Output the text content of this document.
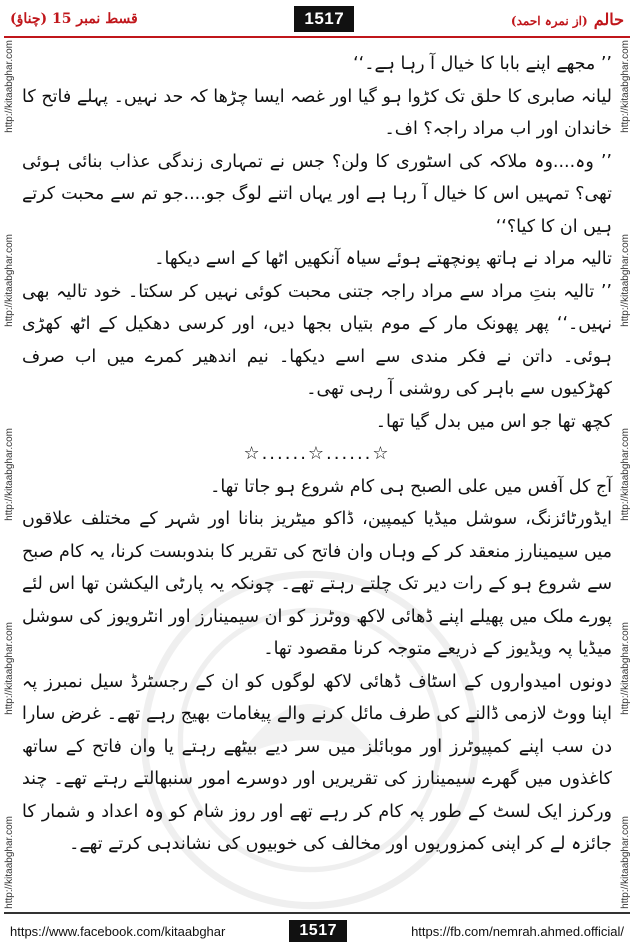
قسط نمبر 15 (چناؤ)	1517	حالم
(از نمرہ احمد)
http://kitaabghar.com
http://kitaabghar.com
http://kitaabghar.com
http://kitaabghar.com
http://kitaabghar.com
http://kitaabghar.com
http://kitaabghar.com
http://kitaabghar.com
http://kitaabghar.com
http://kitaabghar.com

’’ مجھے اپنے بابا کا خیال آ رہا ہے۔‘‘

لیانہ صابری کا حلق تک کڑوا ہو گیا اور غصہ ایسا چڑھا کہ حد نہیں۔ پہلے فاتح کا خاندان اور اب مراد راجہ؟ اف۔

’’ وہ....وہ ملاکہ کی اسٹوری کا ولن؟ جس نے تمہاری زندگی عذاب بنائی ہوئی تھی؟ تمہیں اس کا خیال آ رہا ہے اور یہاں اتنے لوگ جو....جو تم سے محبت کرتے ہیں ان کا کیا؟‘‘

تالیہ مراد نے ہاتھ پونچھتے ہوئے سیاہ آنکھیں اٹھا کے اسے دیکھا۔

’’ تالیہ بنتِ مراد سے مراد راجہ جتنی محبت کوئی نہیں کر سکتا۔ خود تالیہ بھی نہیں۔‘‘ پھر پھونک مار کے موم بتیاں بجھا دیں، اور کرسی دھکیل کے اٹھ کھڑی ہوئی۔ داتن نے فکر مندی سے اسے دیکھا۔ نیم اندھیر کمرے میں اب صرف کھڑکیوں سے باہر کی روشنی آ رہی تھی۔

کچھ تھا جو اس میں بدل گیا تھا۔

☆......☆......☆

آج کل آفس میں علی الصبح ہی کام شروع ہو جاتا تھا۔

ایڈورٹائزنگ، سوشل میڈیا کیمپین، ڈاکو میٹریز بنانا اور شہر کے مختلف علاقوں میں سیمینارز منعقد کر کے وہاں وان فاتح کی تقریر کا بندوبست کرنا، یہ کام صبح سے شروع ہو کے رات دیر تک چلتے رہتے تھے۔ چونکہ یہ پارٹی الیکشن تھا اس لئے پورے ملک میں پھیلے اپنے ڈھائی لاکھ ووٹرز کو ان سیمینارز اور انٹرویوز کی سوشل میڈیا پہ ویڈیوز کے ذریعے متوجہ کرنا مقصود تھا۔

دونوں امیدواروں کے اسٹاف ڈھائی لاکھ لوگوں کو ان کے رجسٹرڈ سیل نمبرز پہ اپنا ووٹ لازمی ڈالنے کی طرف مائل کرنے والے پیغامات بھیج رہے تھے۔ غرض سارا دن سب اپنے کمپیوٹرز اور موبائلز میں سر دیے بیٹھے رہتے یا وان فاتح کے ساتھ کاغذوں میں گھرے سیمینارز کی تقریریں اور دوسرے امور سنبھالتے رہتے تھے۔ چند ورکرز ایک لسٹ کے طور پہ کام کر رہے تھے اور روز شام کو وہ اعداد و شمار کا جائزہ لے کر اپنی کمزوریوں اور مخالف کی خوبیوں کی نشاندہی کرتے تھے۔

https://www.facebook.com/kitaabghar	1517	https://fb.com/nemrah.ahmed.official/
